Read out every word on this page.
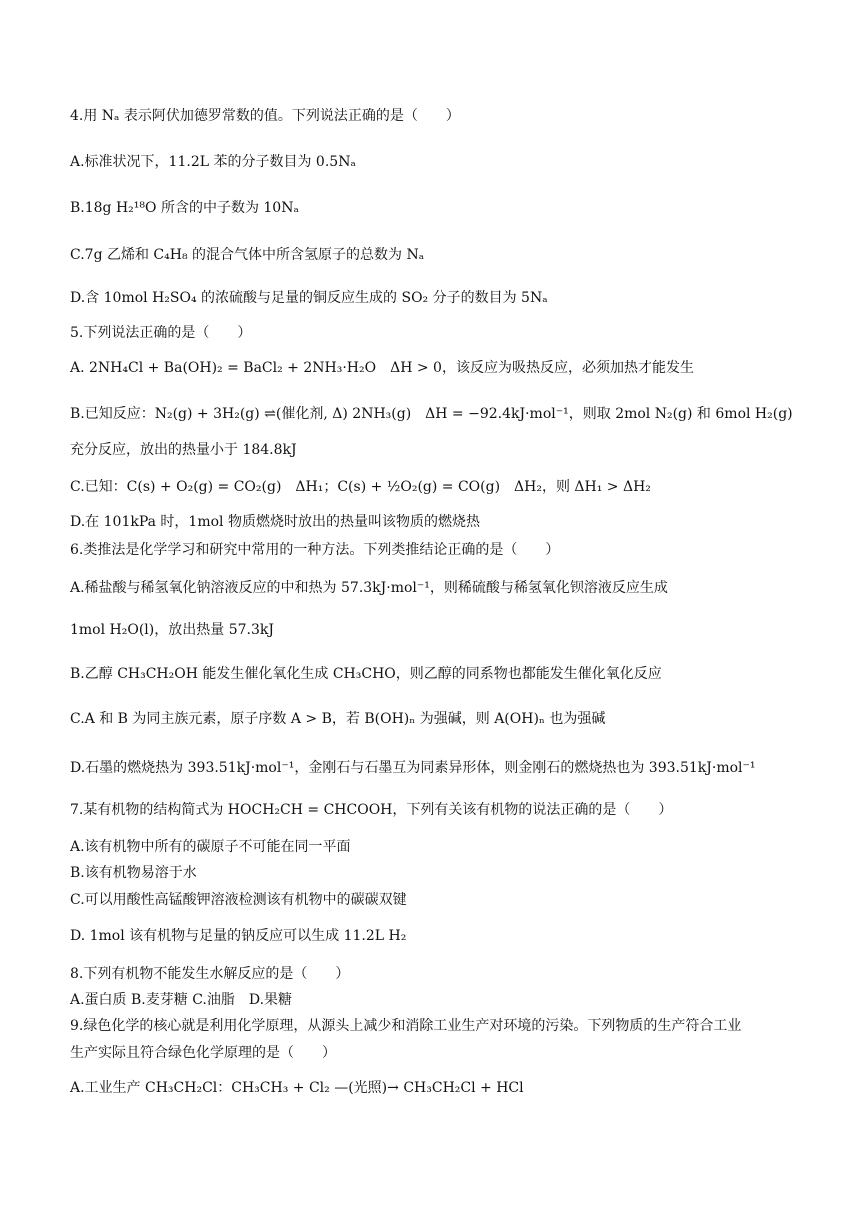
4.用 Nₐ 表示阿伏加德罗常数的值。下列说法正确的是（　　）
A.标准状况下，11.2L 苯的分子数目为 0.5Nₐ
B.18g H₂¹⁸O 所含的中子数为 10Nₐ
C.7g 乙烯和 C₄H₈ 的混合气体中所含氢原子的总数为 Nₐ
D.含 10mol H₂SO₄ 的浓硫酸与足量的铜反应生成的 SO₂ 分子的数目为 5Nₐ
5.下列说法正确的是（　　）
A. 2NH₄Cl + Ba(OH)₂ = BaCl₂ + 2NH₃·H₂O　ΔH > 0，该反应为吸热反应，必须加热才能发生
B.已知反应：N₂(g) + 3H₂(g) ⇌(催化剂, Δ) 2NH₃(g)　ΔH = −92.4kJ·mol⁻¹，则取 2mol N₂(g) 和 6mol H₂(g)
充分反应，放出的热量小于 184.8kJ
C.已知：C(s) + O₂(g) = CO₂(g)　ΔH₁；C(s) + ½O₂(g) = CO(g)　ΔH₂，则 ΔH₁ > ΔH₂
D.在 101kPa 时，1mol 物质燃烧时放出的热量叫该物质的燃烧热
6.类推法是化学学习和研究中常用的一种方法。下列类推结论正确的是（　　）
A.稀盐酸与稀氢氧化钠溶液反应的中和热为 57.3kJ·mol⁻¹，则稀硫酸与稀氢氧化钡溶液反应生成
1mol H₂O(l)，放出热量 57.3kJ
B.乙醇 CH₃CH₂OH 能发生催化氧化生成 CH₃CHO，则乙醇的同系物也都能发生催化氧化反应
C.A 和 B 为同主族元素，原子序数 A > B，若 B(OH)ₙ 为强碱，则 A(OH)ₙ 也为强碱
D.石墨的燃烧热为 393.51kJ·mol⁻¹，金刚石与石墨互为同素异形体，则金刚石的燃烧热也为 393.51kJ·mol⁻¹
7.某有机物的结构简式为 HOCH₂CH = CHCOOH，下列有关该有机物的说法正确的是（　　）
A.该有机物中所有的碳原子不可能在同一平面
B.该有机物易溶于水
C.可以用酸性高锰酸钾溶液检测该有机物中的碳碳双键
D. 1mol 该有机物与足量的钠反应可以生成 11.2L H₂
8.下列有机物不能发生水解反应的是（　　）
A.蛋白质 B.麦芽糖 C.油脂　D.果糖
9.绿色化学的核心就是利用化学原理，从源头上减少和消除工业生产对环境的污染。下列物质的生产符合工业
生产实际且符合绿色化学原理的是（　　）
A.工业生产 CH₃CH₂Cl：CH₃CH₃ + Cl₂ —(光照)→ CH₃CH₂Cl + HCl
